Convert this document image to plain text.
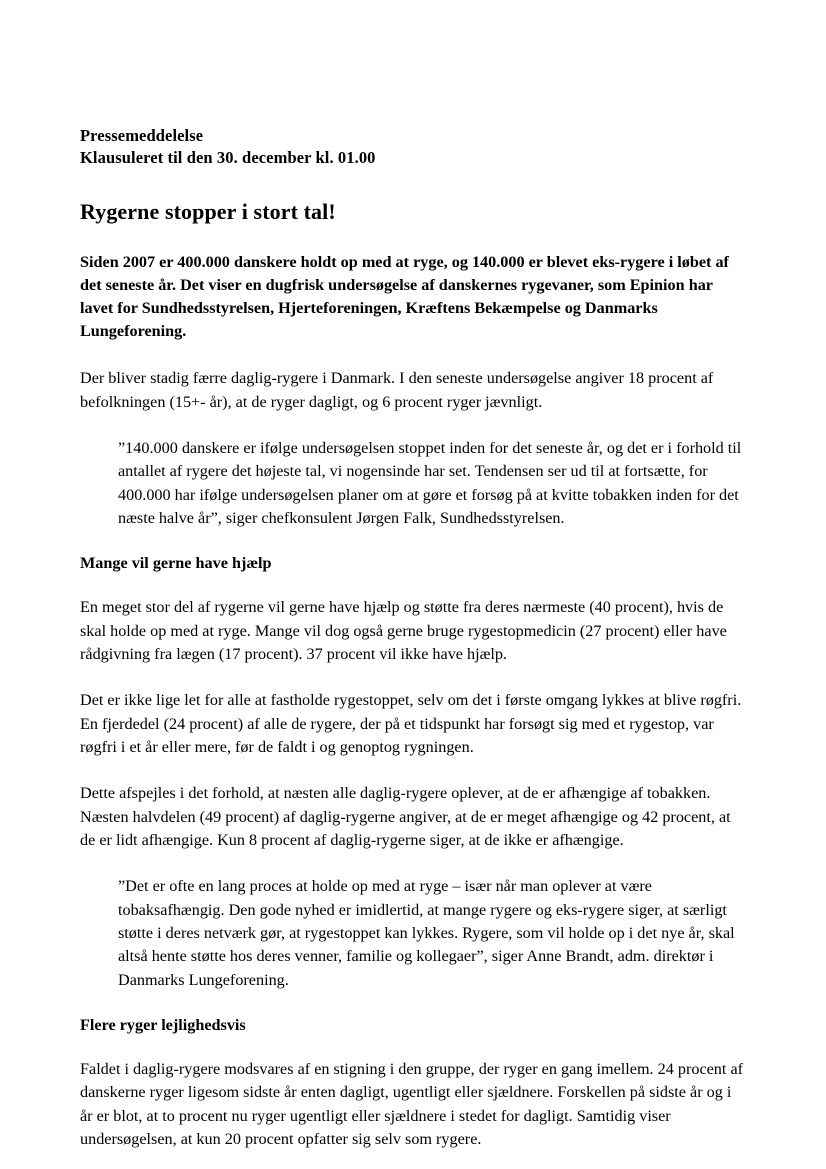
Pressemeddelelse
Klausuleret til den 30. december kl. 01.00
Rygerne stopper i stort tal!

Siden 2007 er 400.000 danskere holdt op med at ryge, og 140.000 er blevet eks-rygere i løbet af det seneste år. Det viser en dugfrisk undersøgelse af danskernes rygevaner, som Epinion har lavet for Sundhedsstyrelsen, Hjerteforeningen, Kræftens Bekæmpelse og Danmarks Lungeforening.

Der bliver stadig færre daglig-rygere i Danmark. I den seneste undersøgelse angiver 18 procent af befolkningen (15+- år), at de ryger dagligt, og 6 procent ryger jævnligt.

”140.000 danskere er ifølge undersøgelsen stoppet inden for det seneste år, og det er i forhold til antallet af rygere det højeste tal, vi nogensinde har set. Tendensen ser ud til at fortsætte, for 400.000 har ifølge undersøgelsen planer om at gøre et forsøg på at kvitte tobakken inden for det næste halve år”, siger chefkonsulent Jørgen Falk, Sundhedsstyrelsen.

Mange vil gerne have hjælp

En meget stor del af rygerne vil gerne have hjælp og støtte fra deres nærmeste (40 procent), hvis de skal holde op med at ryge. Mange vil dog også gerne bruge rygestopmedicin (27 procent) eller have rådgivning fra lægen (17 procent). 37 procent vil ikke have hjælp.

Det er ikke lige let for alle at fastholde rygestoppet, selv om det i første omgang lykkes at blive røgfri. En fjerdedel (24 procent) af alle de rygere, der på et tidspunkt har forsøgt sig med et rygestop, var røgfri i et år eller mere, før de faldt i og genoptog rygningen.

Dette afspejles i det forhold, at næsten alle daglig-rygere oplever, at de er afhængige af tobakken. Næsten halvdelen (49 procent) af daglig-rygerne angiver, at de er meget afhængige og 42 procent, at de er lidt afhængige. Kun 8 procent af daglig-rygerne siger, at de ikke er afhængige.

”Det er ofte en lang proces at holde op med at ryge – især når man oplever at være tobaksafhængig. Den gode nyhed er imidlertid, at mange rygere og eks-rygere siger, at særligt støtte i deres netværk gør, at rygestoppet kan lykkes. Rygere, som vil holde op i det nye år, skal altså hente støtte hos deres venner, familie og kollegaer”, siger Anne Brandt, adm. direktør i Danmarks Lungeforening.

Flere ryger lejlighedsvis

Faldet i daglig-rygere modsvares af en stigning i den gruppe, der ryger en gang imellem. 24 procent af danskerne ryger ligesom sidste år enten dagligt, ugentligt eller sjældnere. Forskellen på sidste år og i år er blot, at to procent nu ryger ugentligt eller sjældnere i stedet for dagligt. Samtidig viser undersøgelsen, at kun 20 procent opfatter sig selv som rygere.
